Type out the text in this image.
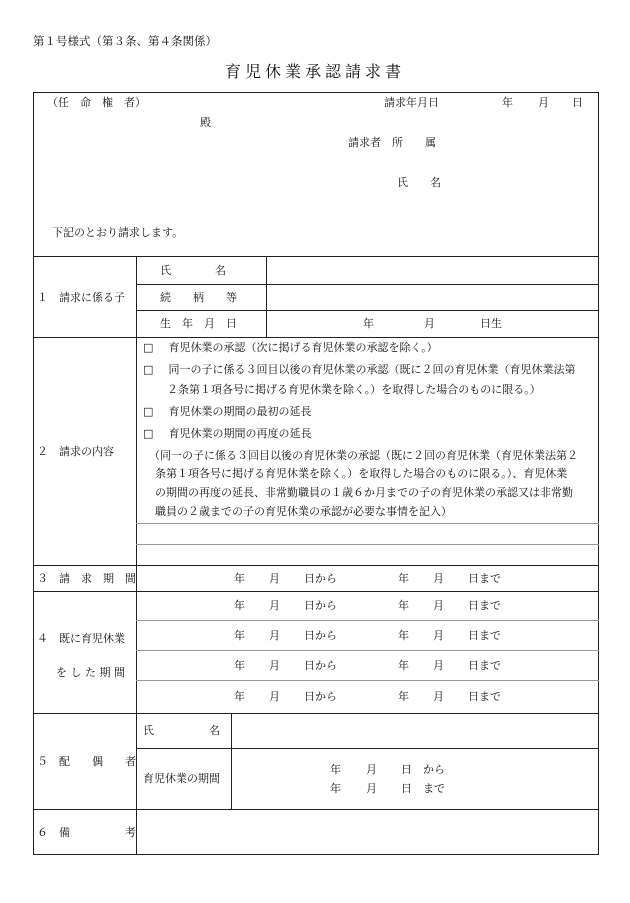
第１号様式（第３条、第４条関係）
育児休業承認請求書
（任　命　権　者）	請求年月日	年 月 日
殿
請求者　所　　属
氏　　名
下記のとおり請求します。
１　請求に係る子
氏　　　　名
続　　柄　　等
生　年　月　日	年	月	日生
２　請求の内容
□ 育児休業の承認（次に掲げる育児休業の承認を除く。）
□ 同一の子に係る３回目以後の育児休業の承認（既に２回の育児休業（育児休業法第
２条第１項各号に掲げる育児休業を除く。）を取得した場合のものに限る。）
□ 育児休業の期間の最初の延長
□ 育児休業の期間の再度の延長
（同一の子に係る３回目以後の育児休業の承認（既に２回の育児休業（育児休業法第２
条第１項各号に掲げる育児休業を除く。）を取得した場合のものに限る。）、育児休業
の期間の再度の延長、非常勤職員の１歳６か月までの子の育児休業の承認又は非常勤
職員の２歳までの子の育児休業の承認が必要な事情を記入）
３　請　求　期　間	年 月 日から	年 月 日まで
４　既に育児休業
を し た 期 間
年 月 日から	年 月 日まで
年 月 日から	年 月 日まで
年 月 日から	年 月 日まで
年 月 日から	年 月 日まで
５　配　　偶　　者
氏　　　　　名
育児休業の期間
年 月 日　から
年 月 日　まで
６　備　　　　　考
